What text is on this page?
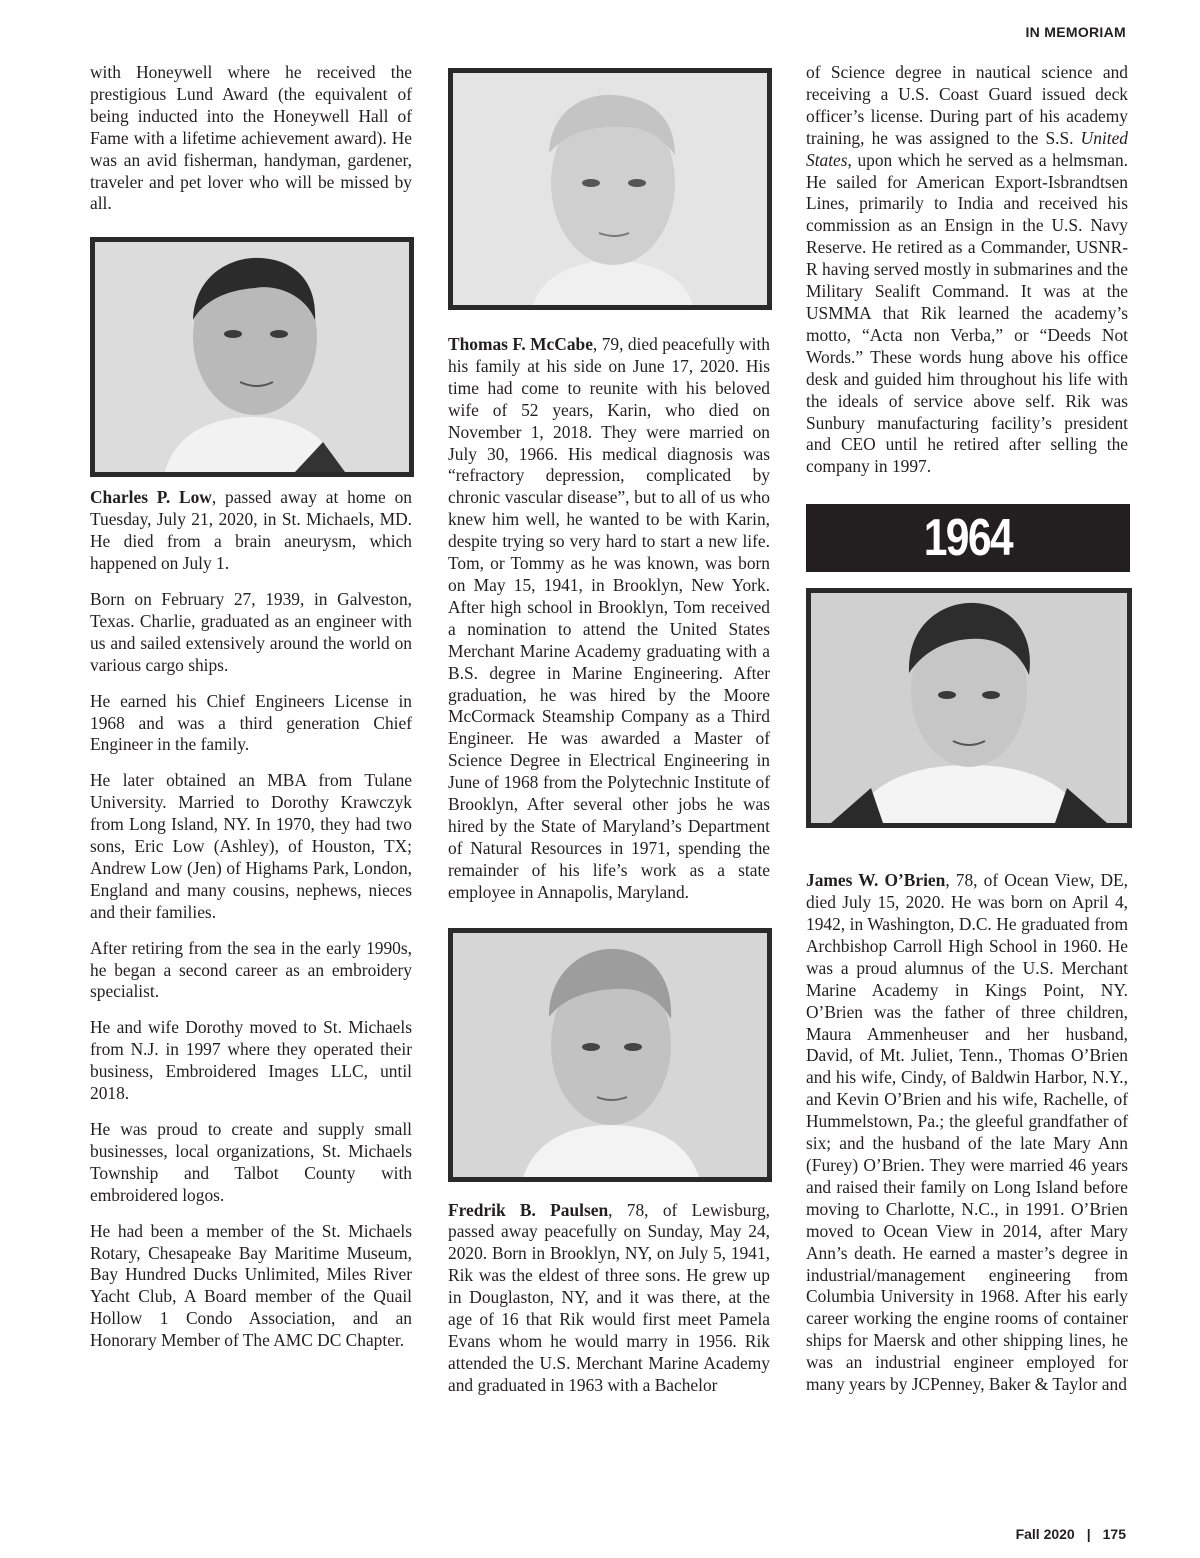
IN MEMORIAM

with Honeywell where he received the prestigious Lund Award (the equivalent of being inducted into the Honeywell Hall of Fame with a lifetime achievement award). He was an avid fisherman, handyman, gardener, traveler and pet lover who will be missed by all.

Charles P. Low, passed away at home on Tuesday, July 21, 2020, in St. Michaels, MD. He died from a brain aneurysm, which happened on July 1.

Born on February 27, 1939, in Galveston, Texas. Charlie, graduated as an engineer with us and sailed extensively around the world on various cargo ships.

He earned his Chief Engineers License in 1968 and was a third generation Chief Engineer in the family.

He later obtained an MBA from Tulane University. Married to Dorothy Krawczyk from Long Island, NY. In 1970, they had two sons, Eric Low (Ashley), of Houston, TX; Andrew Low (Jen) of Highams Park, London, England and many cousins, nephews, nieces and their families.

After retiring from the sea in the early 1990s, he began a second career as an embroidery specialist.

He and wife Dorothy moved to St. Michaels from N.J. in 1997 where they operated their business, Embroidered Images LLC, until 2018.

He was proud to create and supply small businesses, local organizations, St. Michaels Township and Talbot County with embroidered logos.

He had been a member of the St. Michaels Rotary, Chesapeake Bay Maritime Museum, Bay Hundred Ducks Unlimited, Miles River Yacht Club, A Board member of the Quail Hollow 1 Condo Association, and an Honorary Member of The AMC DC Chapter.

Thomas F. McCabe, 79, died peacefully with his family at his side on June 17, 2020. His time had come to reunite with his beloved wife of 52 years, Karin, who died on November 1, 2018. They were married on July 30, 1966. His medical diagnosis was “refractory depression, complicated by chronic vascular disease”, but to all of us who knew him well, he wanted to be with Karin, despite trying so very hard to start a new life. Tom, or Tommy as he was known, was born on May 15, 1941, in Brooklyn, New York. After high school in Brooklyn, Tom received a nomination to attend the United States Merchant Marine Academy graduating with a B.S. degree in Marine Engineering. After graduation, he was hired by the Moore McCormack Steamship Company as a Third Engineer. He was awarded a Master of Science Degree in Electrical Engineering in June of 1968 from the Polytechnic Institute of Brooklyn, After several other jobs he was hired by the State of Maryland’s Department of Natural Resources in 1971, spending the remainder of his life’s work as a state employee in Annapolis, Maryland.

Fredrik B. Paulsen, 78, of Lewisburg, passed away peacefully on Sunday, May 24, 2020. Born in Brooklyn, NY, on July 5, 1941, Rik was the eldest of three sons. He grew up in Douglaston, NY, and it was there, at the age of 16 that Rik would first meet Pamela Evans whom he would marry in 1956. Rik attended the U.S. Merchant Marine Academy and graduated in 1963 with a Bachelor

of Science degree in nautical science and receiving a U.S. Coast Guard issued deck officer’s license. During part of his academy training, he was assigned to the S.S. United States, upon which he served as a helmsman. He sailed for American Export-Isbrandtsen Lines, primarily to India and received his commission as an Ensign in the U.S. Navy Reserve. He retired as a Commander, USNR-R having served mostly in submarines and the Military Sealift Command. It was at the USMMA that Rik learned the academy’s motto, “Acta non Verba,” or “Deeds Not Words.” These words hung above his office desk and guided him throughout his life with the ideals of service above self. Rik was Sunbury manufacturing facility’s president and CEO until he retired after selling the company in 1997.

1964

James W. O’Brien, 78, of Ocean View, DE, died July 15, 2020. He was born on April 4, 1942, in Washington, D.C. He graduated from Archbishop Carroll High School in 1960. He was a proud alumnus of the U.S. Merchant Marine Academy in Kings Point, NY. O’Brien was the father of three children, Maura Ammenheuser and her husband, David, of Mt. Juliet, Tenn., Thomas O’Brien and his wife, Cindy, of Baldwin Harbor, N.Y., and Kevin O’Brien and his wife, Rachelle, of Hummelstown, Pa.; the gleeful grandfather of six; and the husband of the late Mary Ann (Furey) O’Brien. They were married 46 years and raised their family on Long Island before moving to Charlotte, N.C., in 1991. O’Brien moved to Ocean View in 2014, after Mary Ann’s death. He earned a master’s degree in industrial/management engineering from Columbia University in 1968. After his early career working the engine rooms of container ships for Maersk and other shipping lines, he was an industrial engineer employed for many years by JCPenney, Baker & Taylor and

Fall 2020 | 175
